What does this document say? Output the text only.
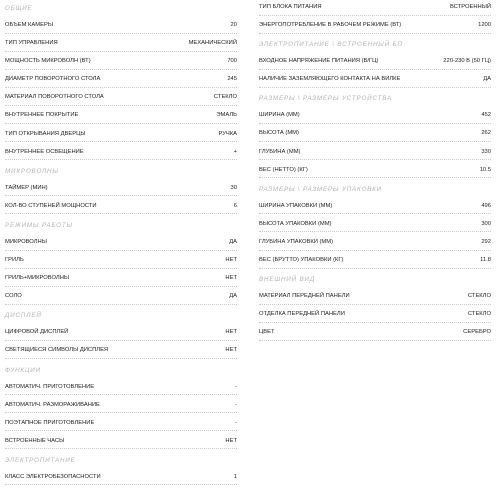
ОБЩИЕ
ОБЪЕМ КАМЕРЫ	20
ТИП УПРАВЛЕНИЯ	МЕХАНИЧЕСКИЙ
МОЩНОСТЬ МИКРОВОЛН (ВТ)	700
ДИАМЕТР ПОВОРОТНОГО СТОЛА	245
МАТЕРИАЛ ПОВОРОТНОГО СТОЛА	СТЕКЛО
ВНУТРЕННЕЕ ПОКРЫТИЕ	ЭМАЛЬ
ТИП ОТКРЫВАНИЯ ДВЕРЦЫ	РУЧКА
ВНУТРЕННЕЕ ОСВЕЩЕНИЕ	+
МИКРОВОЛНЫ
ТАЙМЕР (МИН)	30
КОЛ-ВО СТУПЕНЕЙ МОЩНОСТИ	6
РЕЖИМЫ РАБОТЫ
МИКРОВОЛНЫ	ДА
ГРИЛЬ	НЕТ
ГРИЛЬ+МИКРОВОЛНЫ	НЕТ
СОЛО	ДА
ДИСПЛЕЙ
ЦИФРОВОЙ ДИСПЛЕЙ	НЕТ
СВЕТЯЩИЕСЯ СИМВОЛЫ ДИСПЛЕЯ	НЕТ
ФУНКЦИИ
АВТОМАТИЧ. ПРИГОТОВЛЕНИЕ	-
АВТОМАТИЧ. РАЗМОРАЖИВАНИЕ	-
ПОЭТАПНОЕ ПРИГОТОВЛЕНИЕ	-
ВСТРОЕННЫЕ ЧАСЫ	НЕТ
ЭЛЕКТРОПИТАНИЕ
КЛАСС ЭЛЕКТРОБЕЗОПАСНОСТИ	1
ТИП БЛОКА ПИТАНИЯ	ВСТРОЕННЫЙ
ЭНЕРГОПОТРЕБЛЕНИЕ В РАБОЧЕМ РЕЖИМЕ (ВТ)	1200
ЭЛЕКТРОПИТАНИЕ \ ВСТРОЕННЫЙ БП
ВХОДНОЕ НАПРЯЖЕНИЕ ПИТАНИЯ (В/ГЦ)	220-230 В (50 ГЦ)
НАЛИЧИЕ ЗАЗЕМЛЯЮЩЕГО КОНТАКТА НА ВИЛКЕ	ДА
РАЗМЕРЫ \ РАЗМЕРЫ УСТРОЙСТВА
ШИРИНА (ММ)	452
ВЫСОТА (ММ)	262
ГЛУБИНА (ММ)	330
ВЕС (НЕТТО) (КГ)	10.5
РАЗМЕРЫ \ РАЗМЕРЫ УПАКОВКИ
ШИРИНА УПАКОВКИ (ММ)	496
ВЫСОТА УПАКОВКИ (ММ)	300
ГЛУБИНА УПАКОВКИ (ММ)	292
ВЕС (БРУТТО) УПАКОВКИ (КГ)	11.8
ВНЕШНИЙ ВИД
МАТЕРИАЛ ПЕРЕДНЕЙ ПАНЕЛИ	СТЕКЛО
ОТДЕЛКА ПЕРЕДНЕЙ ПАНЕЛИ	СТЕКЛО
ЦВЕТ	СЕРЕБРО
